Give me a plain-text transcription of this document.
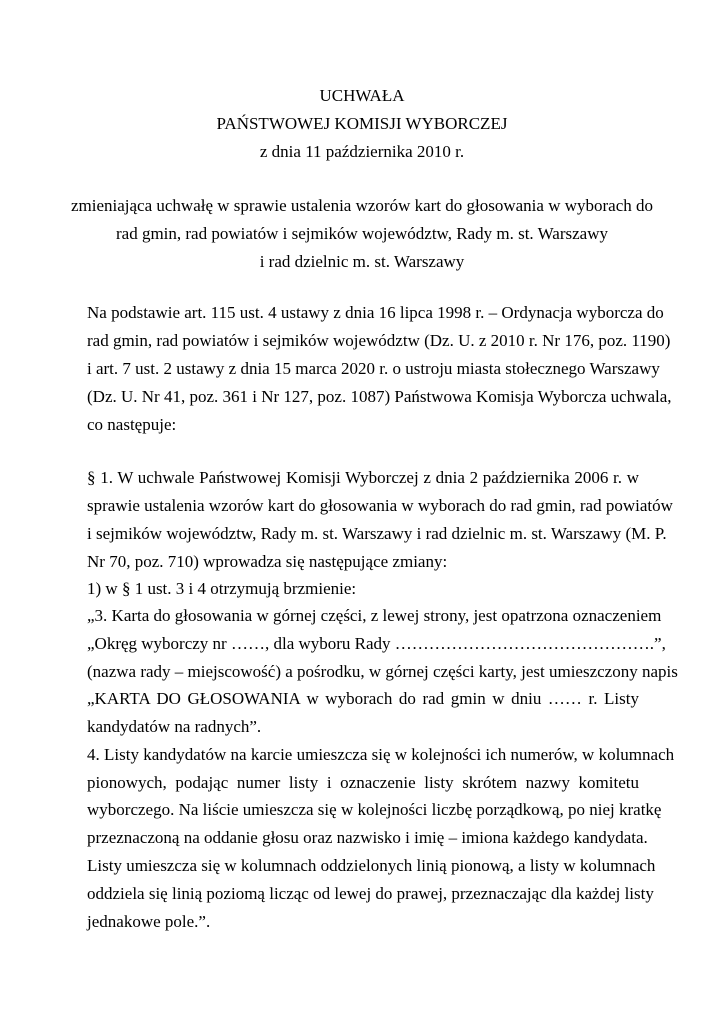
UCHWAŁA
PAŃSTWOWEJ KOMISJI WYBORCZEJ
z dnia 11 października 2010 r.
zmieniająca uchwałę w sprawie ustalenia wzorów kart do głosowania w wyborach do
rad gmin, rad powiatów i sejmików województw, Rady m. st. Warszawy
i rad dzielnic m. st. Warszawy
Na podstawie art. 115 ust. 4 ustawy z dnia 16 lipca 1998 r. – Ordynacja wyborcza do
rad gmin, rad powiatów i sejmików województw (Dz. U. z 2010 r. Nr 176, poz. 1190)
i art. 7 ust. 2 ustawy z dnia 15 marca 2020 r. o ustroju miasta stołecznego Warszawy
(Dz. U. Nr 41, poz. 361 i Nr 127, poz. 1087) Państwowa Komisja Wyborcza uchwala,
co następuje:
§ 1. W uchwale Państwowej Komisji Wyborczej z dnia 2 października 2006 r. w
sprawie ustalenia wzorów kart do głosowania w wyborach do rad gmin, rad powiatów
i sejmików województw, Rady m. st. Warszawy i rad dzielnic m. st. Warszawy (M. P.
Nr 70, poz. 710) wprowadza się następujące zmiany:
1) w § 1 ust. 3 i 4 otrzymują brzmienie:
„3. Karta do głosowania w górnej części, z lewej strony, jest opatrzona oznaczeniem
„Okręg wyborczy nr ……, dla wyboru Rady ……………………………………….”,
(nazwa rady – miejscowość) a pośrodku, w górnej części karty, jest umieszczony napis
„KARTA DO GŁOSOWANIA w wyborach do rad gmin w dniu …… r. Listy
kandydatów na radnych”.
4. Listy kandydatów na karcie umieszcza się w kolejności ich numerów, w kolumnach
pionowych, podając numer listy i oznaczenie listy skrótem nazwy komitetu
wyborczego. Na liście umieszcza się w kolejności liczbę porządkową, po niej kratkę
przeznaczoną na oddanie głosu oraz nazwisko i imię – imiona każdego kandydata.
Listy umieszcza się w kolumnach oddzielonych linią pionową, a listy w kolumnach
oddziela się linią poziomą licząc od lewej do prawej, przeznaczając dla każdej listy
jednakowe pole.”.
